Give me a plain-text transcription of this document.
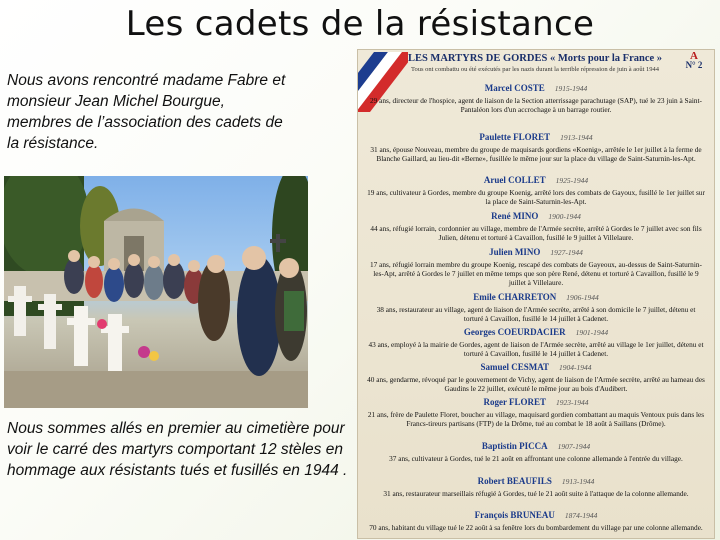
Les cadets de la résistance
Nous avons rencontré madame Fabre et monsieur Jean Michel Bourgue, membres de l’association des cadets de la résistance.
Nous sommes allés en premier au cimetière pour voir le carré des martyrs comportant 12 stèles en hommage aux résistants tués et fusillés en 1944 .
LES MARTYRS DE GORDES « Morts pour la France »
Tous ont combattu ou été exécutés par les nazis durant la terrible répression de juin à août 1944
A
N° 2
Marcel COSTE 1915-1944
29 ans, directeur de l'hospice, agent de liaison de la Section atterrissage parachutage (SAP), tué le 23 juin à Saint-Pantaléon lors d'un accrochage à un barrage routier.
Paulette FLORET 1913-1944
31 ans, épouse Nouveau, membre du groupe de maquisards gordiens «Koenig», arrêtée le 1er juillet à la ferme de Blanche Gaillard, au lieu-dit «Berne», fusillée le même jour sur la place du village de Saint-Saturnin-les-Apt.
Aruel COLLET 1925-1944
19 ans, cultivateur à Gordes, membre du groupe Koenig, arrêté lors des combats de Gayoux, fusillé le 1er juillet sur la place de Saint-Saturnin-les-Apt.
René MINO 1900-1944
44 ans, réfugié lorrain, cordonnier au village, membre de l'Armée secrète, arrêté à Gordes le 7 juillet avec son fils Julien, détenu et torturé à Cavaillon, fusillé le 9 juillet à Villelaure.
Julien MINO 1927-1944
17 ans, réfugié lorrain membre du groupe Koenig, rescapé des combats de Gayeoux, au-dessus de Saint-Saturnin-les-Apt, arrêté à Gordes le 7 juillet en même temps que son père René, détenu et torturé à Cavaillon, fusillé le 9 juillet à Villelaure.
Emile CHARRETON 1906-1944
38 ans, restaurateur au village, agent de liaison de l'Armée secrète, arrêté à son domicile le 7 juillet, détenu et torturé à Cavaillon, fusillé le 14 juillet à Cadenet.
Georges COEURDACIER 1901-1944
43 ans, employé à la mairie de Gordes, agent de liaison de l'Armée secrète, arrêté au village le 1er juillet, détenu et torturé à Cavaillon, fusillé le 14 juillet à Cadenet.
Samuel CESMAT 1904-1944
40 ans, gendarme, révoqué par le gouvernement de Vichy, agent de liaison de l'Armée secrète, arrêté au hameau des Gaudins le 22 juillet, exécuté le même jour au bois d'Audibert.
Roger FLORET 1923-1944
21 ans, frère de Paulette Floret, boucher au village, maquisard gordien combattant au maquis Ventoux puis dans les Francs-tireurs partisans (FTP) de la Drôme, tué au combat le 18 août à Saillans (Drôme).
Baptistin PICCA 1907-1944
37 ans, cultivateur à Gordes, tué le 21 août en affrontant une colonne allemande à l'entrée du village.
Robert BEAUFILS 1913-1944
31 ans, restaurateur marseillais réfugié à Gordes, tué le 21 août suite à l'attaque de la colonne allemande.
François BRUNEAU 1874-1944
70 ans, habitant du village tué le 22 août à sa fenêtre lors du bombardement du village par une colonne allemande.
